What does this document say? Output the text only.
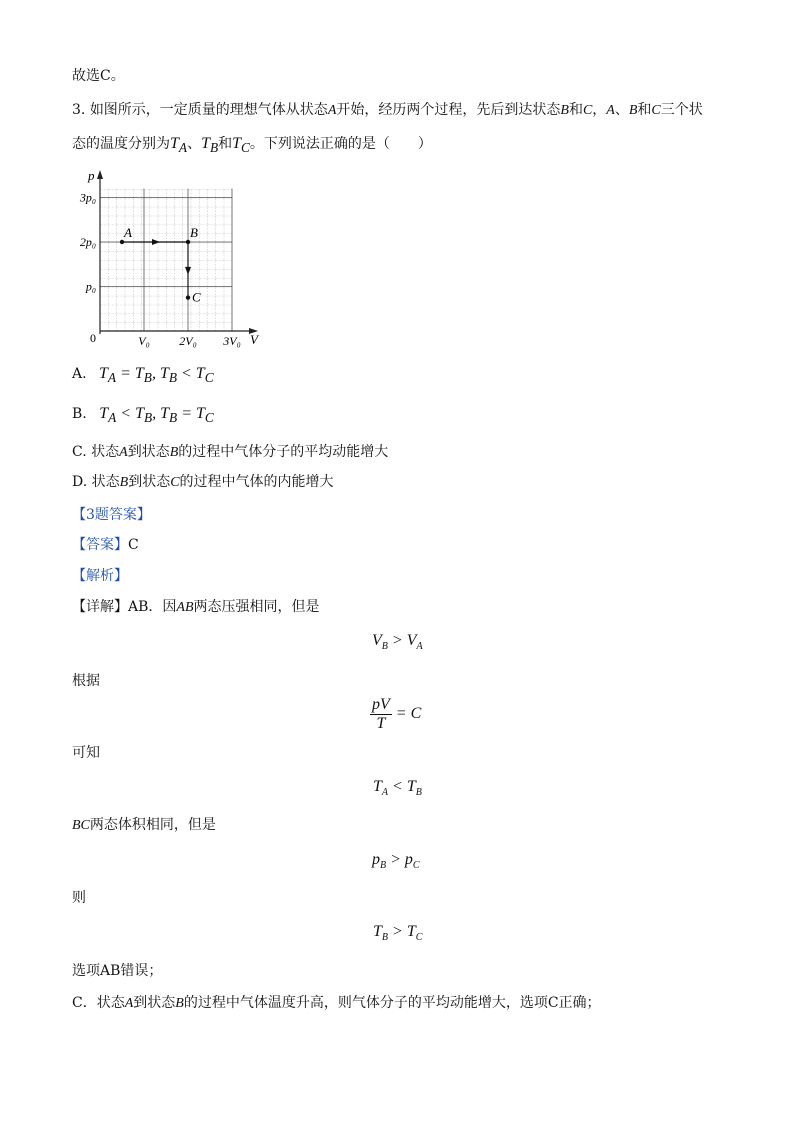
故选C。
3. 如图所示，一定质量的理想气体从状态A开始，经历两个过程，先后到达状态B和C，A、B和C三个状
态的温度分别为$T_A$、$T_B$和$T_C$。下列说法正确的是（　　）
p
V
0
3p₀
2p₀
p₀
V₀ 2V₀ 3V₀
A	B
C
A. $T_A = T_B$, $T_B < T_C$
B. $T_A < T_B$, $T_B = T_C$
C. 状态A到状态B的过程中气体分子的平均动能增大
D. 状态B到状态C的过程中气体的内能增大
【3题答案】
【答案】C
【解析】
【详解】AB．因AB两态压强相同，但是
$V_B > V_A$
根据
$\frac{pV}{T} = C$
可知
$T_A < T_B$
BC两态体积相同，但是
$p_B > p_C$
则
$T_B > T_C$
选项AB错误；
C．状态A到状态B的过程中气体温度升高，则气体分子的平均动能增大，选项C正确；
